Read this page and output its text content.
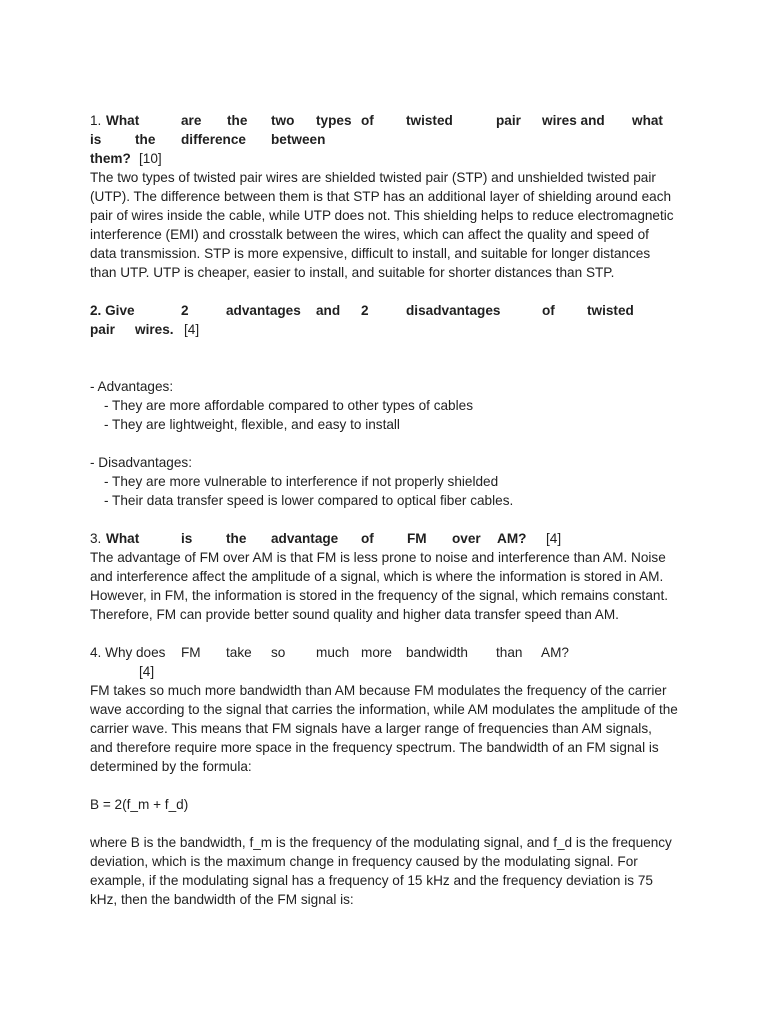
1. What	are the two types of twisted	pair wires and what
is the difference between
them? [10]

The two types of twisted pair wires are shielded twisted pair (STP) and unshielded twisted pair (UTP). The difference between them is that STP has an additional layer of shielding around each pair of wires inside the cable, while UTP does not. This shielding helps to reduce electromagnetic interference (EMI) and crosstalk between the wires, which can affect the quality and speed of data transmission. STP is more expensive, difficult to install, and suitable for longer distances than UTP. UTP is cheaper, easier to install, and suitable for shorter distances than STP.

2. Give	2	advantages and 2	disadvantages	of twisted
pair wires. [4]

- Advantages:

- They are more affordable compared to other types of cables

- They are lightweight, flexible, and easy to install

- Disadvantages:

- They are more vulnerable to interference if not properly shielded

- Their data transfer speed is lower compared to optical fiber cables.

3. What	is the advantage of FM over AM? [4]

The advantage of FM over AM is that FM is less prone to noise and interference than AM. Noise and interference affect the amplitude of a signal, which is where the information is stored in AM. However, in FM, the information is stored in the frequency of the signal, which remains constant. Therefore, FM can provide better sound quality and higher data transfer speed than AM.

4. Why does FM take so much more bandwidth than AM?
[4]

FM takes so much more bandwidth than AM because FM modulates the frequency of the carrier wave according to the signal that carries the information, while AM modulates the amplitude of the carrier wave. This means that FM signals have a larger range of frequencies than AM signals, and therefore require more space in the frequency spectrum. The bandwidth of an FM signal is determined by the formula:

B = 2(f_m + f_d)

where B is the bandwidth, f_m is the frequency of the modulating signal, and f_d is the frequency deviation, which is the maximum change in frequency caused by the modulating signal. For example, if the modulating signal has a frequency of 15 kHz and the frequency deviation is 75 kHz, then the bandwidth of the FM signal is:
